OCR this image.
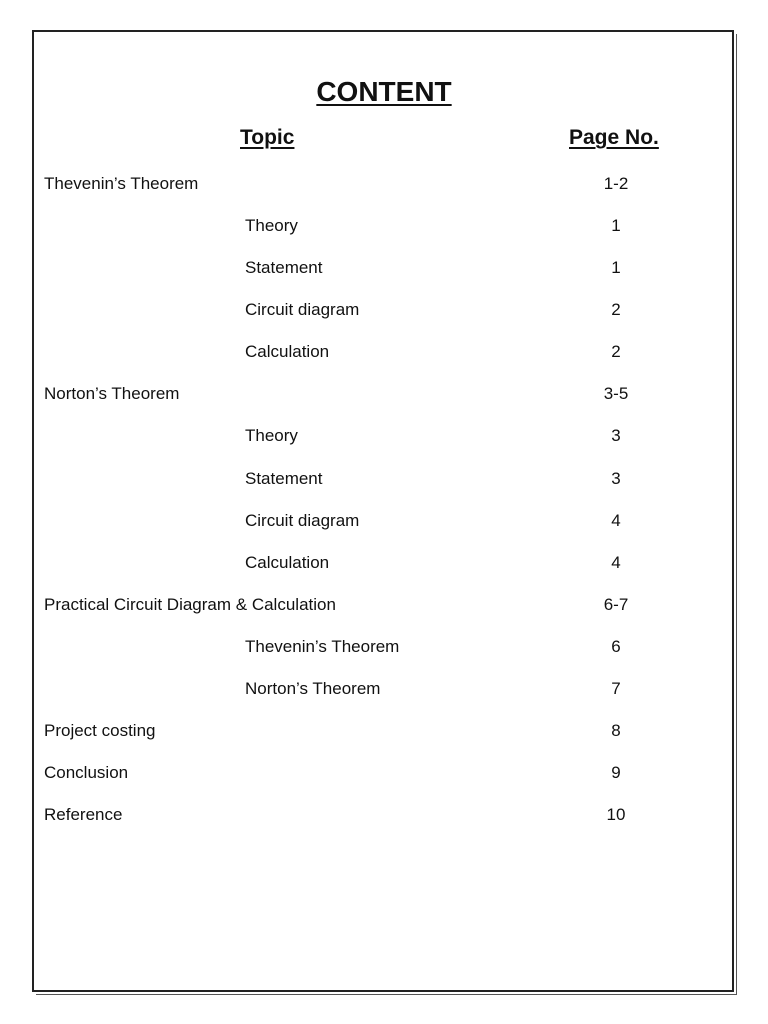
CONTENT
Topic	Page No.
Thevenin’s Theorem	1-2
Theory	1
Statement	1
Circuit diagram	2
Calculation	2
Norton’s Theorem	3-5
Theory	3
Statement	3
Circuit diagram	4
Calculation	4
Practical Circuit Diagram & Calculation	6-7
Thevenin’s Theorem	6
Norton’s Theorem	7
Project costing	8
Conclusion	9
Reference	10
